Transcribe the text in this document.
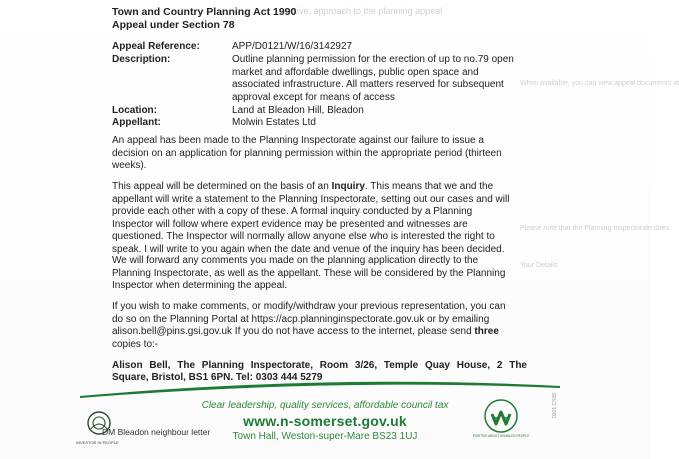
ctive, approach to the planning appeal
When available, you can view appeal documents at
Please note that the Planning Inspectorate does
Your Details
Town and Country Planning Act 1990
Appeal under Section 78
Appeal Reference:	APP/D0121/W/16/3142927
Description:	Outline planning permission for the erection of up to no.79 open
market and affordable dwellings, public open space and
associated infrastructure. All matters reserved for subsequent
approval except for means of access
Location:	Land at Bleadon Hill, Bleadon
Appellant:	Molwin Estates Ltd
An appeal has been made to the Planning Inspectorate against our failure to issue a
decision on an application for planning permission within the appropriate period (thirteen
weeks).
This appeal will be determined on the basis of an Inquiry. This means that we and the
appellant will write a statement to the Planning Inspectorate, setting out our cases and will
provide each other with a copy of these. A formal inquiry conducted by a Planning
Inspector will follow where expert evidence may be presented and witnesses are
questioned. The Inspector will normally allow anyone else who is interested the right to
speak. I will write to you again when the date and venue of the inquiry has been decided.
We will forward any comments you made on the planning application directly to the
Planning Inspectorate, as well as the appellant. These will be considered by the Planning
Inspector when determining the appeal.
If you wish to make comments, or modify/withdraw your previous representation, you can
do so on the Planning Portal at https://acp.planninginspectorate.gov.uk or by emailing
alison.bell@pins.gsi.gov.uk If you do not have access to the internet, please send three
copies to:-
Alison Bell, The Planning Inspectorate, Room 3/26, Temple Quay House, 2 The
Square, Bristol, BS1 6PN. Tel: 0303 444 5279
INVESTOR IN PEOPLE
DM Bleadon neighbour letter
Clear leadership, quality services, affordable council tax
www.n-somerset.gov.uk
Town Hall, Weston-super-Mare BS23 1UJ	POSITIVE ABOUT DISABLED PEOPLE
0201 CS05
